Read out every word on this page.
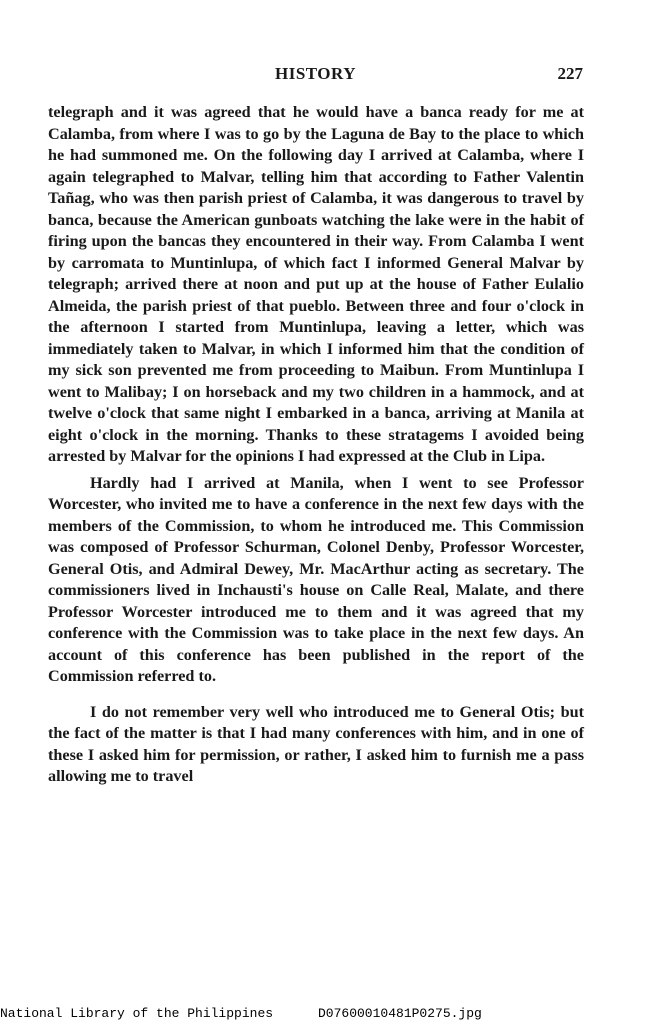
HISTORY	227

telegraph and it was agreed that he would have a banca ready for me at Calamba, from where I was to go by the Laguna de Bay to the place to which he had summoned me. On the following day I arrived at Calamba, where I again telegraphed to Malvar, telling him that according to Father Valentin Tañag, who was then parish priest of Calamba, it was dangerous to travel by banca, because the American gunboats watching the lake were in the habit of firing upon the bancas they encountered in their way. From Calamba I went by carromata to Muntinlupa, of which fact I informed General Malvar by telegraph; arrived there at noon and put up at the house of Father Eulalio Almeida, the parish priest of that pueblo. Between three and four o'clock in the afternoon I started from Muntinlupa, leaving a letter, which was immediately taken to Malvar, in which I informed him that the condition of my sick son prevented me from proceeding to Maibun. From Muntinlupa I went to Malibay; I on horseback and my two children in a hammock, and at twelve o'clock that same night I embarked in a banca, arriving at Manila at eight o'clock in the morning. Thanks to these stratagems I avoided being arrested by Malvar for the opinions I had expressed at the Club in Lipa.

Hardly had I arrived at Manila, when I went to see Professor Worcester, who invited me to have a conference in the next few days with the members of the Commission, to whom he introduced me. This Commission was composed of Professor Schurman, Colonel Denby, Professor Worcester, General Otis, and Admiral Dewey, Mr. MacArthur acting as secretary. The commissioners lived in Inchausti's house on Calle Real, Malate, and there Professor Worcester introduced me to them and it was agreed that my conference with the Commission was to take place in the next few days. An account of this conference has been published in the report of the Commission referred to.

I do not remember very well who introduced me to General Otis; but the fact of the matter is that I had many conferences with him, and in one of these I asked him for permission, or rather, I asked him to furnish me a pass allowing me to travel

National Library of the Philippines	D07600010481P0275.jpg
